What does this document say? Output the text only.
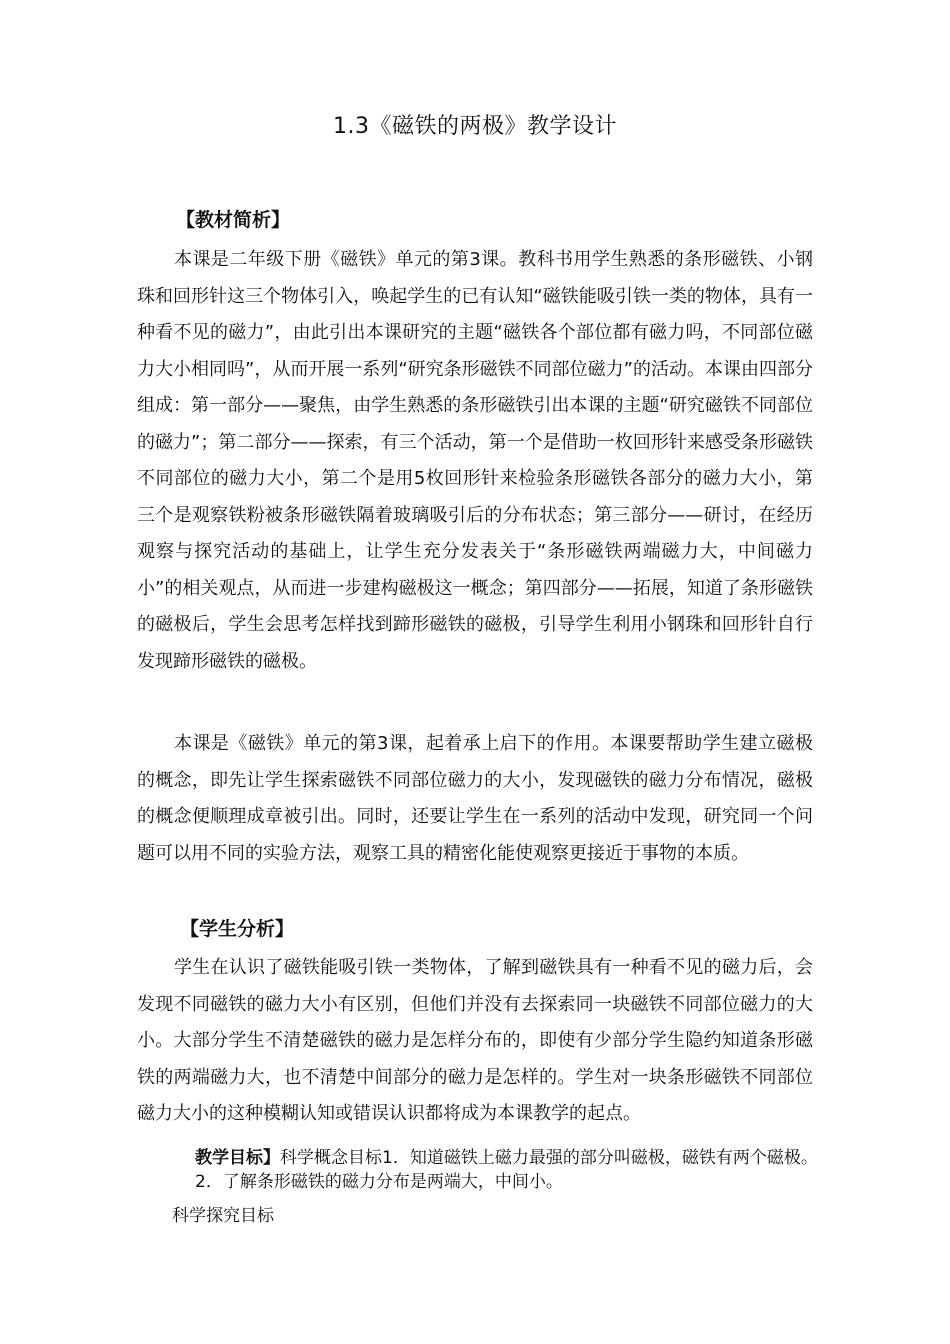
1.3《磁铁的两极》教学设计
【教材简析】
本课是二年级下册《磁铁》单元的第3课。教科书用学生熟悉的条形磁铁、小钢珠和回形针这三个物体引入，唤起学生的已有认知“磁铁能吸引铁一类的物体，具有一种看不见的磁力”，由此引出本课研究的主题“磁铁各个部位都有磁力吗，不同部位磁力大小相同吗”，从而开展一系列“研究条形磁铁不同部位磁力”的活动。本课由四部分组成：第一部分——聚焦，由学生熟悉的条形磁铁引出本课的主题“研究磁铁不同部位的磁力”；第二部分——探索，有三个活动，第一个是借助一枚回形针来感受条形磁铁不同部位的磁力大小，第二个是用5枚回形针来检验条形磁铁各部分的磁力大小，第三个是观察铁粉被条形磁铁隔着玻璃吸引后的分布状态；第三部分——研讨，在经历观察与探究活动的基础上，让学生充分发表关于“条形磁铁两端磁力大，中间磁力小”的相关观点，从而进一步建构磁极这一概念；第四部分——拓展，知道了条形磁铁的磁极后，学生会思考怎样找到蹄形磁铁的磁极，引导学生利用小钢珠和回形针自行发现蹄形磁铁的磁极。
本课是《磁铁》单元的第3课，起着承上启下的作用。本课要帮助学生建立磁极的概念，即先让学生探索磁铁不同部位磁力的大小，发现磁铁的磁力分布情况，磁极的概念便顺理成章被引出。同时，还要让学生在一系列的活动中发现，研究同一个问题可以用不同的实验方法，观察工具的精密化能使观察更接近于事物的本质。
【学生分析】
学生在认识了磁铁能吸引铁一类物体，了解到磁铁具有一种看不见的磁力后，会发现不同磁铁的磁力大小有区别，但他们并没有去探索同一块磁铁不同部位磁力的大小。大部分学生不清楚磁铁的磁力是怎样分布的，即使有少部分学生隐约知道条形磁铁的两端磁力大，也不清楚中间部分的磁力是怎样的。学生对一块条形磁铁不同部位磁力大小的这种模糊认知或错误认识都将成为本课教学的起点。
教学目标】科学概念目标1．知道磁铁上磁力最强的部分叫磁极，磁铁有两个磁极。2．了解条形磁铁的磁力分布是两端大，中间小。
科学探究目标
